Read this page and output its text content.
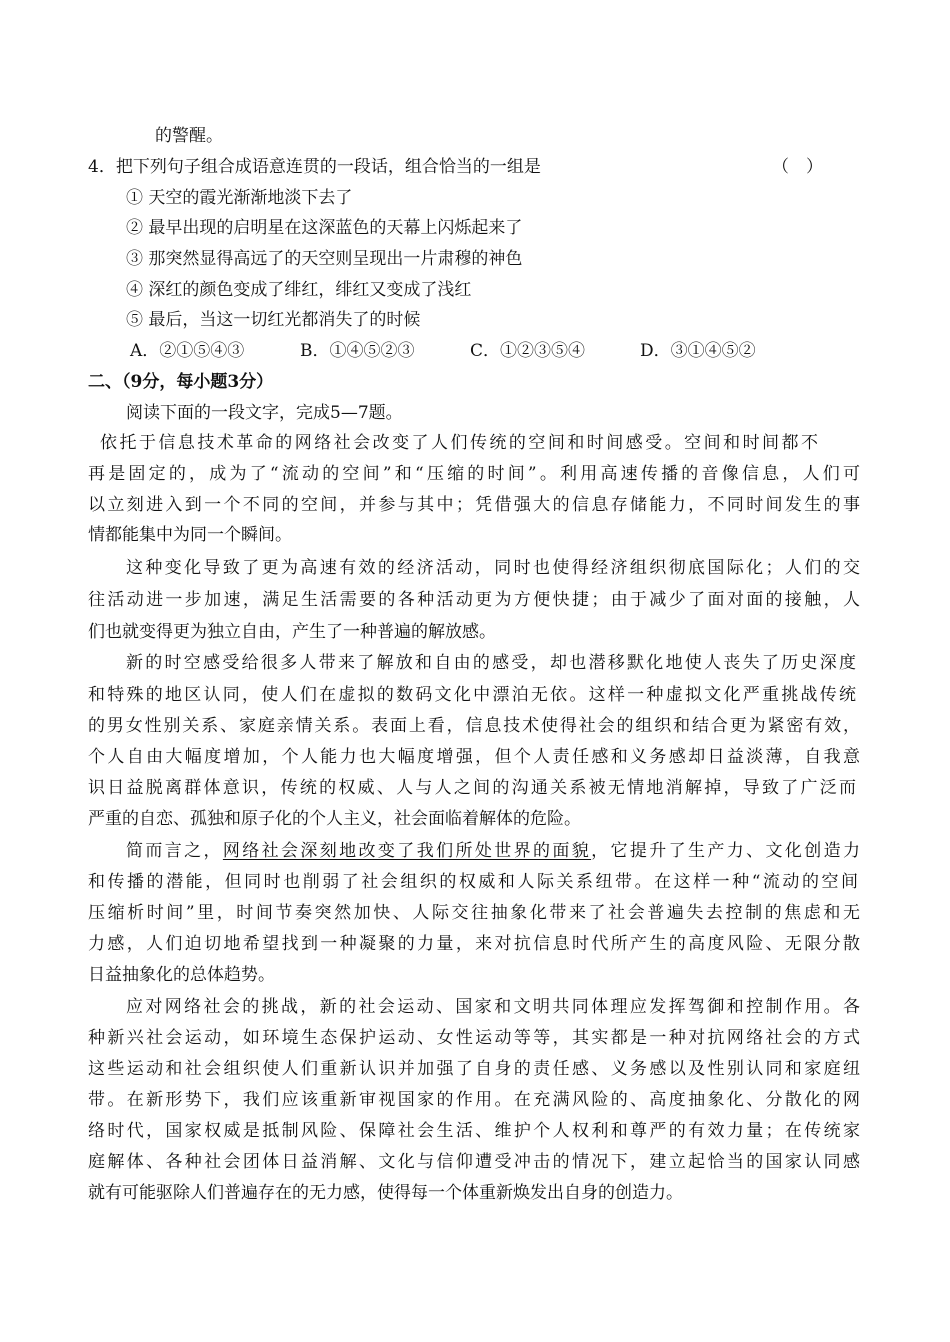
的警醒。
4．把下列句子组合成语意连贯的一段话，组合恰当的一组是	（　）
① 天空的霞光渐渐地淡下去了
② 最早出现的启明星在这深蓝色的天幕上闪烁起来了
③ 那突然显得高远了的天空则呈现出一片肃穆的神色
④ 深红的颜色变成了绯红，绯红又变成了浅红
⑤ 最后，当这一切红光都消失了的时候
A．②①⑤④③	B．①④⑤②③	C．①②③⑤④	D．③①④⑤②
二、（9分，每小题3分）
阅读下面的一段文字，完成5—7题。
依托于信息技术革命的网络社会改变了人们传统的空间和时间感受。空间和时间都不
再是固定的，成为了“流动的空间”和“压缩的时间”。利用高速传播的音像信息，人们可
以立刻进入到一个不同的空间，并参与其中；凭借强大的信息存储能力，不同时间发生的事
情都能集中为同一个瞬间。
这种变化导致了更为高速有效的经济活动，同时也使得经济组织彻底国际化；人们的交
往活动进一步加速，满足生活需要的各种活动更为方便快捷；由于减少了面对面的接触，人
们也就变得更为独立自由，产生了一种普遍的解放感。
新的时空感受给很多人带来了解放和自由的感受，却也潜移默化地使人丧失了历史深度
和特殊的地区认同，使人们在虚拟的数码文化中漂泊无依。这样一种虚拟文化严重挑战传统
的男女性别关系、家庭亲情关系。表面上看，信息技术使得社会的组织和结合更为紧密有效，
个人自由大幅度增加，个人能力也大幅度增强，但个人责任感和义务感却日益淡薄，自我意
识日益脱离群体意识，传统的权威、人与人之间的沟通关系被无情地消解掉，导致了广泛而
严重的自恋、孤独和原子化的个人主义，社会面临着解体的危险。
简而言之，网络社会深刻地改变了我们所处世界的面貌，它提升了生产力、文化创造力
和传播的潜能，但同时也削弱了社会组织的权威和人际关系纽带。在这样一种“流动的空间
压缩析时间”里，时间节奏突然加快、人际交往抽象化带来了社会普遍失去控制的焦虑和无
力感，人们迫切地希望找到一种凝聚的力量，来对抗信息时代所产生的高度风险、无限分散
日益抽象化的总体趋势。
应对网络社会的挑战，新的社会运动、国家和文明共同体理应发挥驾御和控制作用。各
种新兴社会运动，如环境生态保护运动、女性运动等等，其实都是一种对抗网络社会的方式
这些运动和社会组织使人们重新认识并加强了自身的责任感、义务感以及性别认同和家庭纽
带。在新形势下，我们应该重新审视国家的作用。在充满风险的、高度抽象化、分散化的网
络时代，国家权威是抵制风险、保障社会生活、维护个人权利和尊严的有效力量；在传统家
庭解体、各种社会团体日益消解、文化与信仰遭受冲击的情况下，建立起恰当的国家认同感
就有可能驱除人们普遍存在的无力感，使得每一个体重新焕发出自身的创造力。
